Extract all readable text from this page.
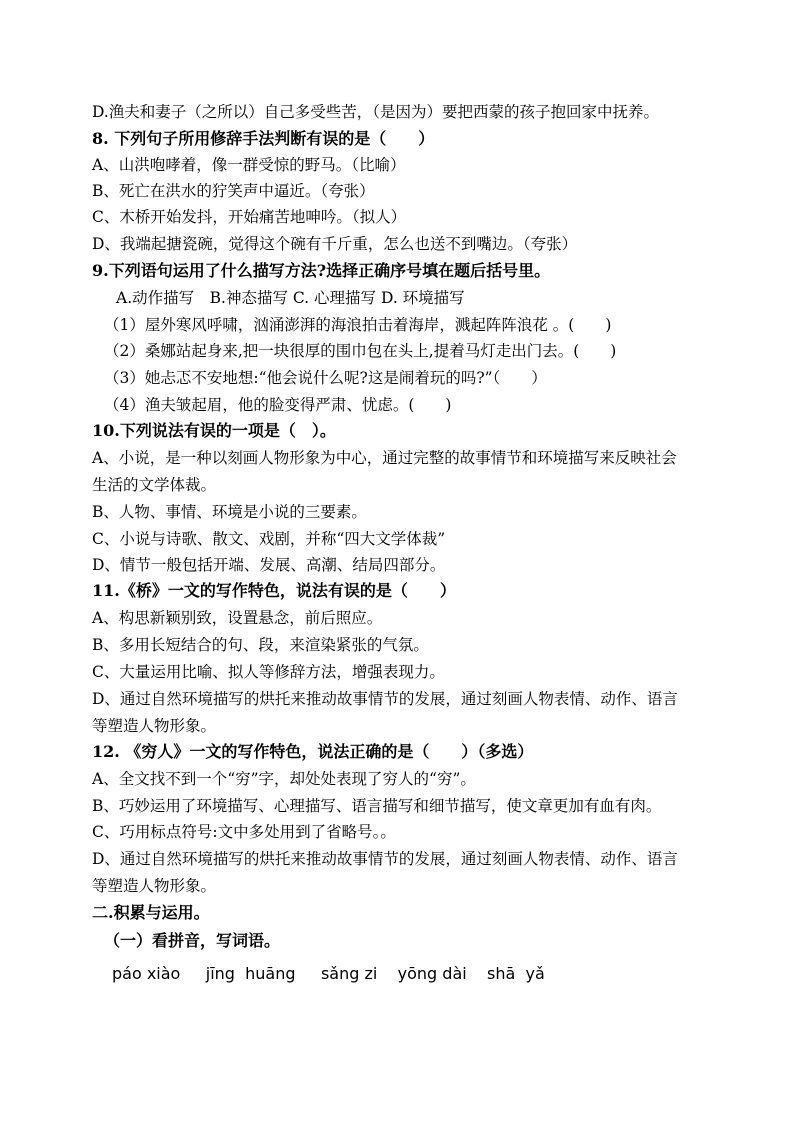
D.渔夫和妻子（之所以）自己多受些苦，（是因为）要把西蒙的孩子抱回家中抚养。
8. 下列句子所用修辞手法判断有误的是（　　）
A、山洪咆哮着，像一群受惊的野马。（比喻）
B、死亡在洪水的狞笑声中逼近。（夸张）
C、木桥开始发抖，开始痛苦地呻吟。（拟人）
D、我端起搪瓷碗，觉得这个碗有千斤重，怎么也送不到嘴边。（夸张）
9.下列语句运用了什么描写方法?选择正确序号填在题后括号里。
A.动作描写　B.神态描写 C. 心理描写 D. 环境描写
（1）屋外寒风呼啸，汹涌澎湃的海浪拍击着海岸，溅起阵阵浪花 。(　　)
（2）桑娜站起身来,把一块很厚的围巾包在头上,提着马灯走出门去。(　　)
（3）她忐忑不安地想:“他会说什么呢?这是闹着玩的吗?”（　　）
（4）渔夫皱起眉，他的脸变得严肃、忧虑。(　　)
10.下列说法有误的一项是（　）。
A、小说，是一种以刻画人物形象为中心，通过完整的故事情节和环境描写来反映社会
生活的文学体裁。
B、人物、事情、环境是小说的三要素。
C、小说与诗歌、散文、戏剧，并称“四大文学体裁”
D、情节一般包括开端、发展、高潮、结局四部分。
11.《桥》一文的写作特色，说法有误的是（　　）
A、构思新颖别致，设置悬念，前后照应。
B、多用长短结合的句、段，来渲染紧张的气氛。
C、大量运用比喻、拟人等修辞方法，增强表现力。
D、通过自然环境描写的烘托来推动故事情节的发展，通过刻画人物表情、动作、语言
等塑造人物形象。
12. 《穷人》一文的写作特色，说法正确的是（　　）（多选）
A、全文找不到一个“穷”字，却处处表现了穷人的“穷”。
B、巧妙运用了环境描写、心理描写、语言描写和细节描写，使文章更加有血有肉。
C、巧用标点符号:文中多处用到了省略号。。
D、通过自然环境描写的烘托来推动故事情节的发展，通过刻画人物表情、动作、语言
等塑造人物形象。
二.积累与运用。
（一）看拼音，写词语。
páo xiào     jīng  huāng     sǎng zi    yōng dài    shā  yǎ
